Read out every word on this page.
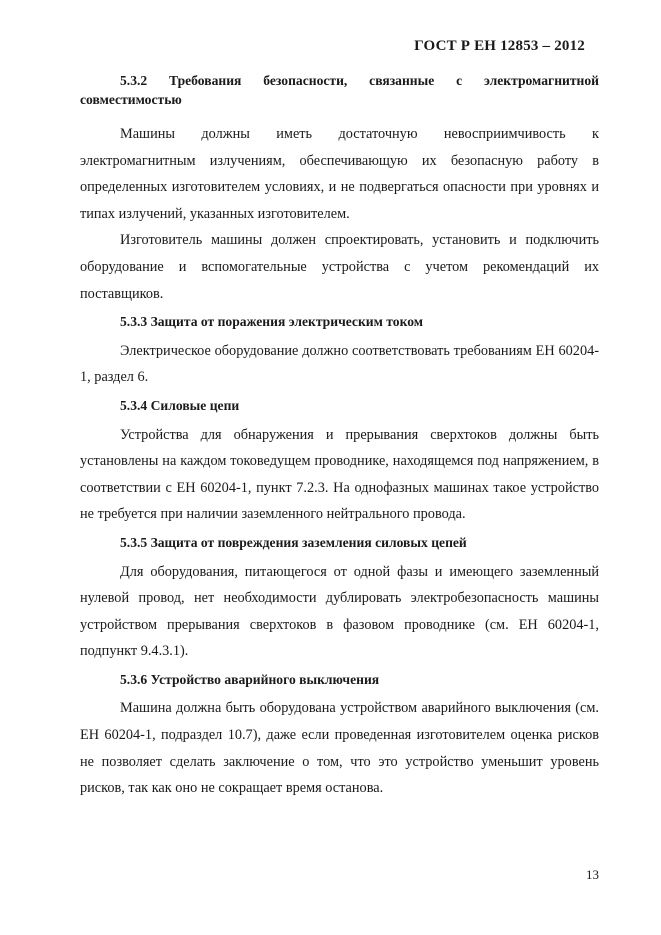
ГОСТ Р ЕН 12853 – 2012

5.3.2 Требования безопасности, связанные с электромагнитной совместимостью

Машины должны иметь достаточную невосприимчивость к электромагнитным излучениям, обеспечивающую их безопасную работу в определенных изготовителем условиях, и не подвергаться опасности при уровнях и типах излучений, указанных изготовителем.

Изготовитель машины должен спроектировать, установить и подключить оборудование и вспомогательные устройства с учетом рекомендаций их поставщиков.

5.3.3 Защита от поражения электрическим током

Электрическое оборудование должно соответствовать требованиям ЕН 60204-1, раздел 6.

5.3.4 Силовые цепи

Устройства для обнаружения и прерывания сверхтоков должны быть установлены на каждом токоведущем проводнике, находящемся под напряжением, в соответствии с ЕН 60204-1, пункт 7.2.3. На однофазных машинах такое устройство не требуется при наличии заземленного нейтрального провода.

5.3.5 Защита от повреждения заземления силовых цепей

Для оборудования, питающегося от одной фазы и имеющего заземленный нулевой провод, нет необходимости дублировать электробезопасность машины устройством прерывания сверхтоков в фазовом проводнике (см. ЕН 60204-1, подпункт 9.4.3.1).

5.3.6 Устройство аварийного выключения

Машина должна быть оборудована устройством аварийного выключения (см. ЕН 60204-1, подраздел 10.7), даже если проведенная изготовителем оценка рисков не позволяет сделать заключение о том, что это устройство уменьшит уровень рисков, так как оно не сокращает время останова.

13
